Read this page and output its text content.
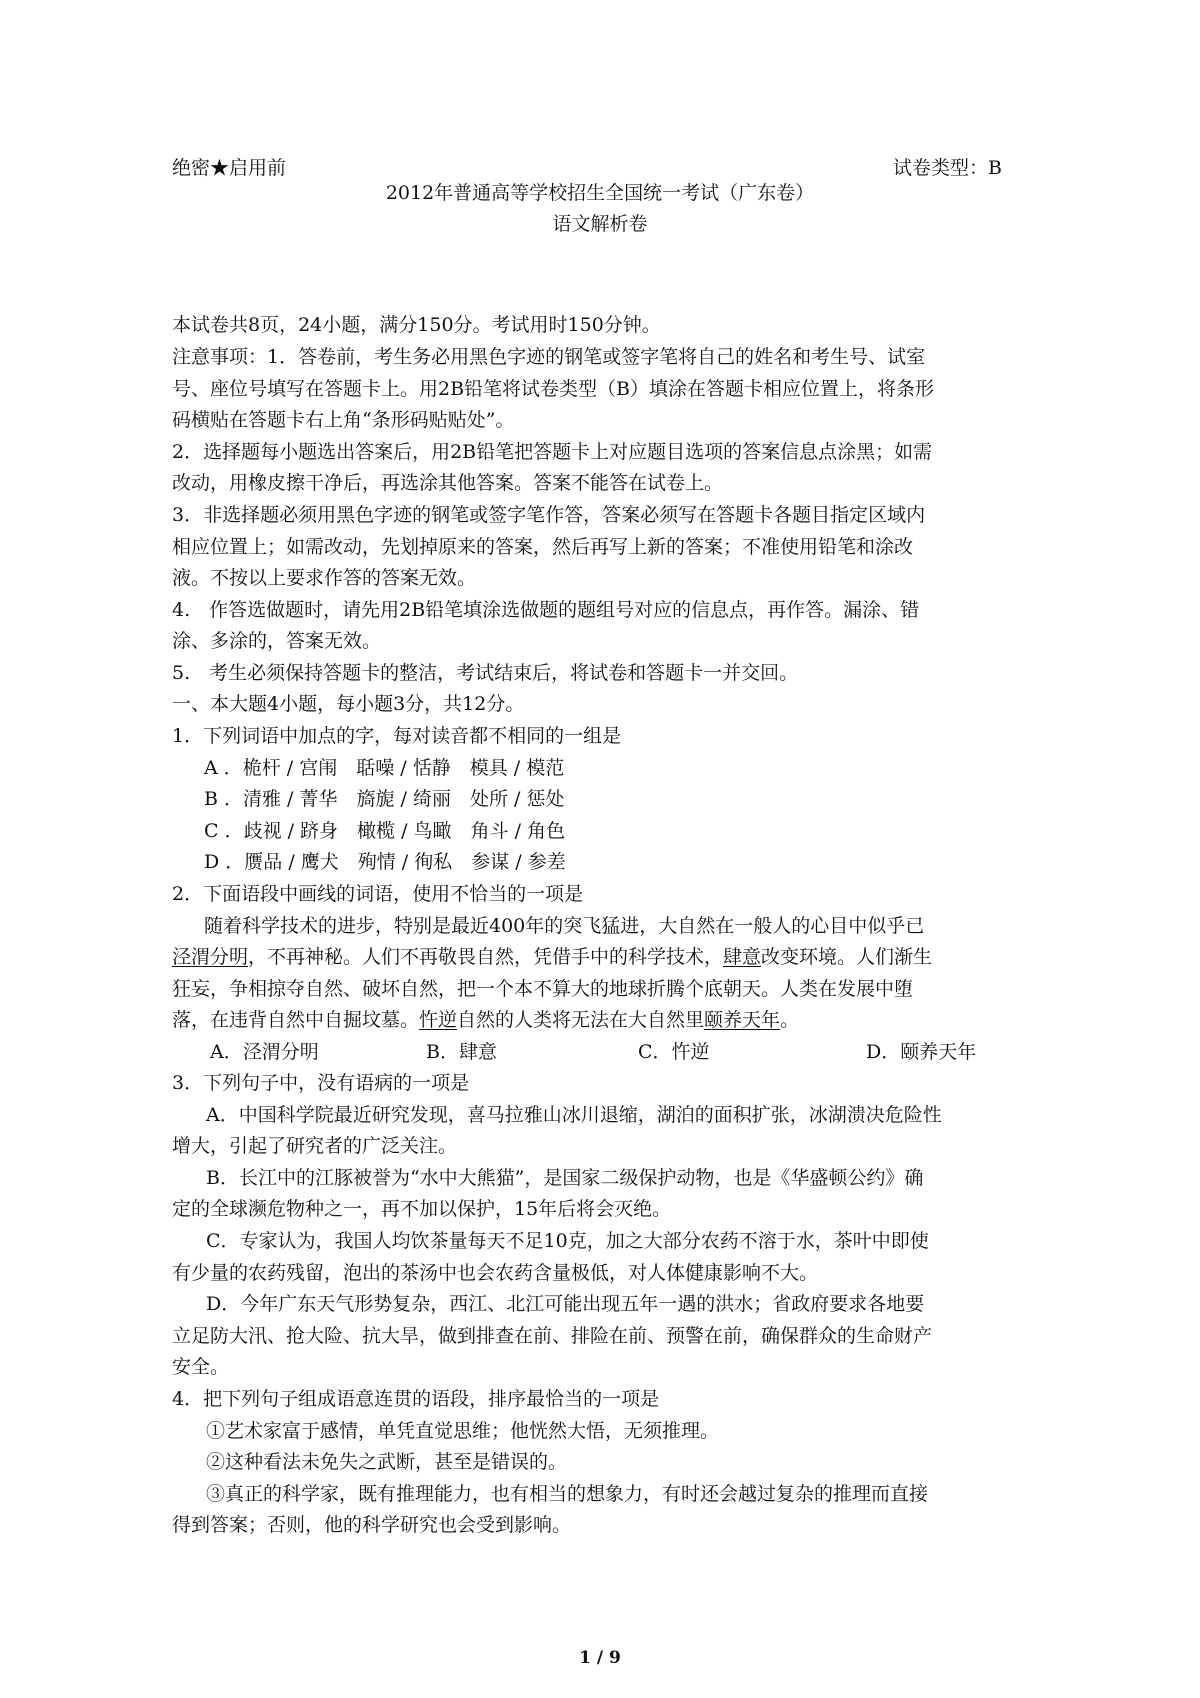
绝密★启用前	试卷类型：B
2012年普通高等学校招生全国统一考试（广东卷）
语文解析卷
本试卷共8页，24小题，满分150分。考试用时150分钟。
注意事项：1．答卷前，考生务必用黑色字迹的钢笔或签字笔将自己的姓名和考生号、试室
号、座位号填写在答题卡上。用2B铅笔将试卷类型（B）填涂在答题卡相应位置上，将条形
码横贴在答题卡右上角“条形码贴贴处”。
2．选择题每小题选出答案后，用2B铅笔把答题卡上对应题目选项的答案信息点涂黑；如需
改动，用橡皮擦干净后，再选涂其他答案。答案不能答在试卷上。
3．非选择题必须用黑色字迹的钢笔或签字笔作答，答案必须写在答题卡各题目指定区域内
相应位置上；如需改动，先划掉原来的答案，然后再写上新的答案；不准使用铅笔和涂改
液。不按以上要求作答的答案无效。
4.　作答选做题时，请先用2B铅笔填涂选做题的题组号对应的信息点，再作答。漏涂、错
涂、多涂的，答案无效。
5.　考生必须保持答题卡的整洁，考试结束后，将试卷和答题卡一并交回。
一、本大题4小题，每小题3分，共12分。
1．下列词语中加点的字，每对读音都不相同的一组是
A ．桅杆 / 宫闱　聒噪 / 恬静　模具 / 模范
B ．清雅 / 菁华　旖旎 / 绮丽　处所 / 惩处
C ．歧视 / 跻身　橄榄 / 鸟瞰　角斗 / 角色
D ．赝品 / 鹰犬　殉情 / 徇私　参谋 / 参差
2．下面语段中画线的词语，使用不恰当的一项是
随着科学技术的进步，特别是最近400年的突飞猛进，大自然在一般人的心目中似乎已
泾渭分明，不再神秘。人们不再敬畏自然，凭借手中的科学技术，肆意改变环境。人们渐生
狂妄，争相掠夺自然、破坏自然，把一个本不算大的地球折腾个底朝天。人类在发展中堕
落，在违背自然中自掘坟墓。忤逆自然的人类将无法在大自然里颐养天年。
A．泾渭分明	B．肆意	C．忤逆	D．颐养天年
3．下列句子中，没有语病的一项是
A．中国科学院最近研究发现，喜马拉雅山冰川退缩，湖泊的面积扩张，冰湖溃决危险性
增大，引起了研究者的广泛关注。
B．长江中的江豚被誉为“水中大熊猫”，是国家二级保护动物，也是《华盛顿公约》确
定的全球濒危物种之一，再不加以保护，15年后将会灭绝。
C．专家认为，我国人均饮茶量每天不足10克，加之大部分农药不溶于水，茶叶中即使
有少量的农药残留，泡出的茶汤中也会农药含量极低，对人体健康影响不大。
D．今年广东天气形势复杂，西江、北江可能出现五年一遇的洪水；省政府要求各地要
立足防大汛、抢大险、抗大旱，做到排查在前、排险在前、预警在前，确保群众的生命财产
安全。
4．把下列句子组成语意连贯的语段，排序最恰当的一项是
①艺术家富于感情，单凭直觉思维；他恍然大悟，无须推理。
②这种看法未免失之武断，甚至是错误的。
③真正的科学家，既有推理能力，也有相当的想象力，有时还会越过复杂的推理而直接
得到答案；否则，他的科学研究也会受到影响。
1 / 9
